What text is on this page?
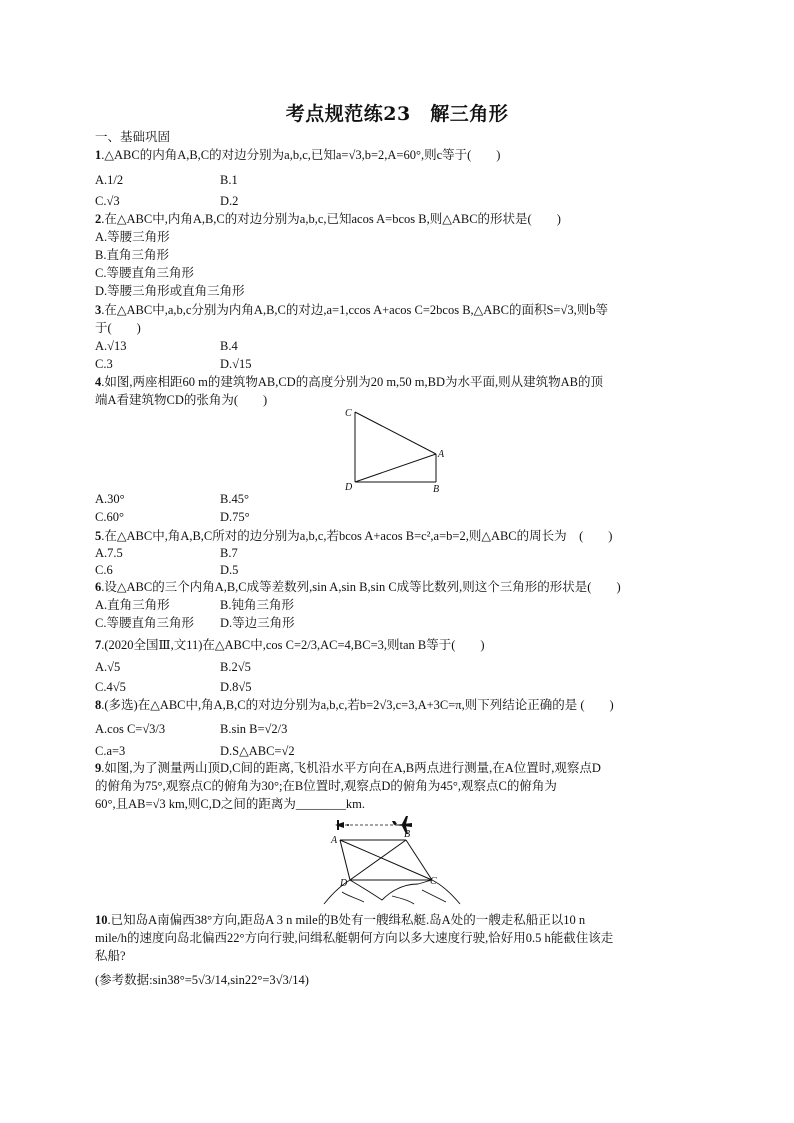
考点规范练23　解三角形
一、基础巩固
1.△ABC的内角A,B,C的对边分别为a,b,c,已知a=√3,b=2,A=60°,则c等于(　　)
A.1/2	B.1
C.√3	D.2
2.在△ABC中,内角A,B,C的对边分别为a,b,c,已知acos A=bcos B,则△ABC的形状是(　　)
A.等腰三角形
B.直角三角形
C.等腰直角三角形
D.等腰三角形或直角三角形
3.在△ABC中,a,b,c分别为内角A,B,C的对边,a=1,ccos A+acos C=2bcos B,△ABC的面积S=√3,则b等
于(　　)
A.√13	B.4
C.3	D.√15
4.如图,两座相距60 m的建筑物AB,CD的高度分别为20 m,50 m,BD为水平面,则从建筑物AB的顶
端A看建筑物CD的张角为(　　)
C
A
D	B
A.30°	B.45°
C.60°	D.75°
5.在△ABC中,角A,B,C所对的边分别为a,b,c,若bcos A+acos B=c²,a=b=2,则△ABC的周长为　(　　)
A.7.5	B.7
C.6	D.5
6.设△ABC的三个内角A,B,C成等差数列,sin A,sin B,sin C成等比数列,则这个三角形的形状是(　　)
A.直角三角形	B.钝角三角形
C.等腰直角三角形 D.等边三角形
7.(2020全国Ⅲ,文11)在△ABC中,cos C=2/3,AC=4,BC=3,则tan B等于(　　)
A.√5	B.2√5
C.4√5	D.8√5
8.(多选)在△ABC中,角A,B,C的对边分别为a,b,c,若b=2√3,c=3,A+3C=π,则下列结论正确的是 (　　)
A.cos C=√3/3	B.sin B=√2/3
C.a=3	D.S△ABC=√2
9.如图,为了测量两山顶D,C间的距离,飞机沿水平方向在A,B两点进行测量,在A位置时,观察点D
的俯角为75°,观察点C的俯角为30°;在B位置时,观察点D的俯角为45°,观察点C的俯角为
60°,且AB=√3 km,则C,D之间的距离为________km.
A
B
C
D
10.已知岛A南偏西38°方向,距岛A 3 n mile的B处有一艘缉私艇.岛A处的一艘走私船正以10 n
mile/h的速度向岛北偏西22°方向行驶,问缉私艇朝何方向以多大速度行驶,恰好用0.5 h能截住该走
私船?
(参考数据:sin38°=5√3/14,sin22°=3√3/14)
